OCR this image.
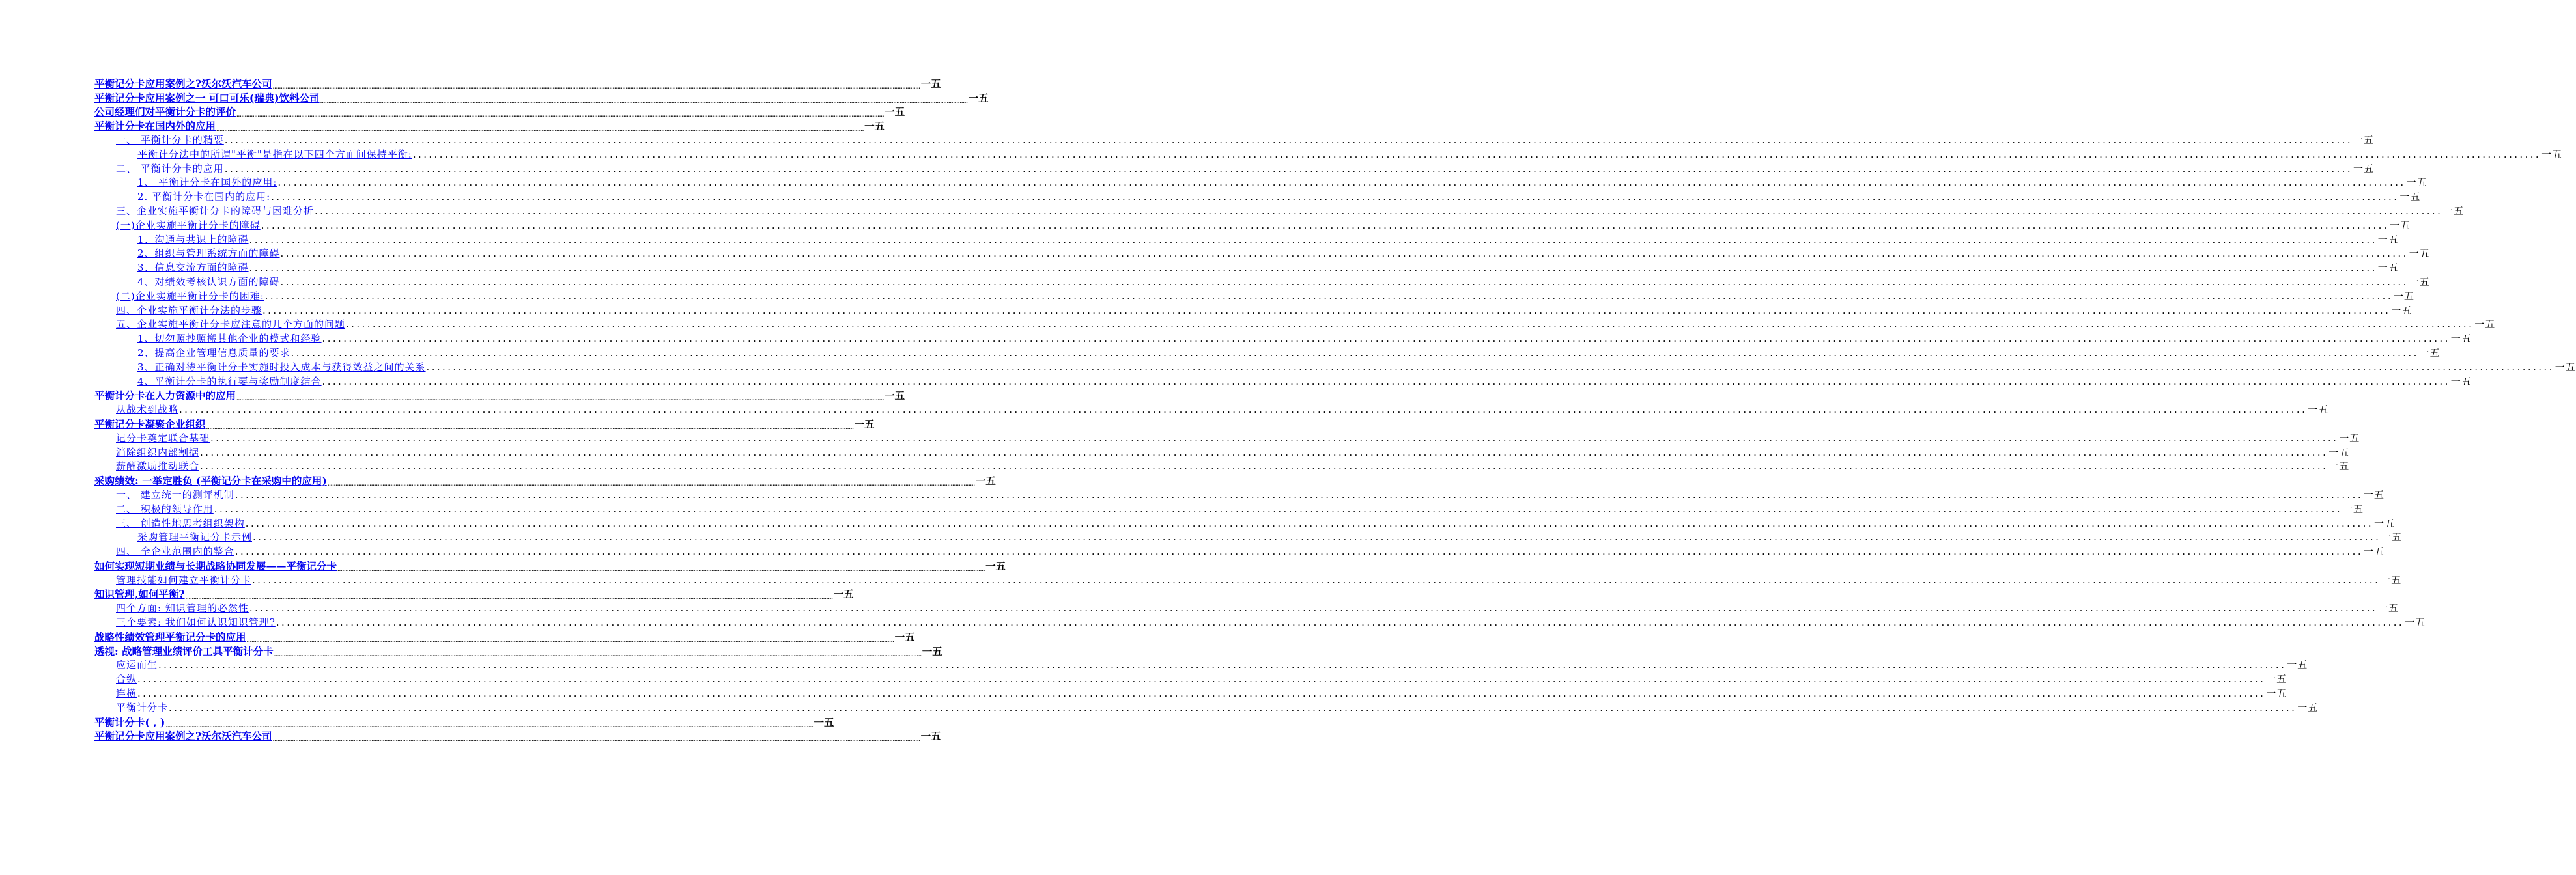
平衡记分卡应用案例之?沃尔沃汽车公司 ................................................................................................................................................................................................................................................................................................................................................................................................................ 一五
平衡记分卡应用案例之一 可口可乐(瑞典)饮料公司 ................................................................................................................................................................................................................................................................................................................................................................................................................ 一五
公司经理们对平衡计分卡的评价 ................................................................................................................................................................................................................................................................................................................................................................................................................ 一五
平衡计分卡在国内外的应用 ................................................................................................................................................................................................................................................................................................................................................................................................................ 一五
一、 平衡计分卡的精要 ................................................................................................................................................................................................................................................................................................................................................................................................................ 一五
平衡计分法中的所谓"平衡"是指在以下四个方面间保持平衡: ................................................................................................................................................................................................................................................................................................................................................................................................................ 一五
二、 平衡计分卡的应用 ................................................................................................................................................................................................................................................................................................................................................................................................................ 一五
1、 平衡计分卡在国外的应用: ................................................................................................................................................................................................................................................................................................................................................................................................................ 一五
2. 平衡计分卡在国内的应用: ................................................................................................................................................................................................................................................................................................................................................................................................................ 一五
三、企业实施平衡计分卡的障碍与困难分析 ................................................................................................................................................................................................................................................................................................................................................................................................................ 一五
(一)企业实施平衡计分卡的障碍 ................................................................................................................................................................................................................................................................................................................................................................................................................ 一五
1、沟通与共识上的障碍 ................................................................................................................................................................................................................................................................................................................................................................................................................ 一五
2、组织与管理系统方面的障碍 ................................................................................................................................................................................................................................................................................................................................................................................................................ 一五
3、信息交流方面的障碍 ................................................................................................................................................................................................................................................................................................................................................................................................................ 一五
4、对绩效考核认识方面的障碍 ................................................................................................................................................................................................................................................................................................................................................................................................................ 一五
(二)企业实施平衡计分卡的困难: ................................................................................................................................................................................................................................................................................................................................................................................................................ 一五
四、企业实施平衡计分法的步骤 ................................................................................................................................................................................................................................................................................................................................................................................................................ 一五
五、企业实施平衡计分卡应注意的几个方面的问题 ................................................................................................................................................................................................................................................................................................................................................................................................................ 一五
1、切勿照抄照搬其他企业的模式和经验 ................................................................................................................................................................................................................................................................................................................................................................................................................ 一五
2、提高企业管理信息质量的要求 ................................................................................................................................................................................................................................................................................................................................................................................................................ 一五
3、正确对待平衡计分卡实施时投入成本与获得效益之间的关系 ................................................................................................................................................................................................................................................................................................................................................................................................................ 一五
4、平衡计分卡的执行要与奖励制度结合 ................................................................................................................................................................................................................................................................................................................................................................................................................ 一五
平衡计分卡在人力资源中的应用 ................................................................................................................................................................................................................................................................................................................................................................................................................ 一五
从战术到战略 ................................................................................................................................................................................................................................................................................................................................................................................................................ 一五
平衡记分卡凝聚企业组织 ................................................................................................................................................................................................................................................................................................................................................................................................................ 一五
记分卡奠定联合基础 ................................................................................................................................................................................................................................................................................................................................................................................................................ 一五
消除组织内部割据 ................................................................................................................................................................................................................................................................................................................................................................................................................ 一五
薪酬激励推动联合 ................................................................................................................................................................................................................................................................................................................................................................................................................ 一五
采购绩效: 一举定胜负 (平衡记分卡在采购中的应用) ................................................................................................................................................................................................................................................................................................................................................................................................................ 一五
一、 建立统一的测评机制 ................................................................................................................................................................................................................................................................................................................................................................................................................ 一五
二、 积极的领导作用 ................................................................................................................................................................................................................................................................................................................................................................................................................ 一五
三、 创造性地思考组织架构 ................................................................................................................................................................................................................................................................................................................................................................................................................ 一五
采购管理平衡记分卡示例 ................................................................................................................................................................................................................................................................................................................................................................................................................ 一五
四、 全企业范围内的整合 ................................................................................................................................................................................................................................................................................................................................................................................................................ 一五
如何实现短期业绩与长期战略协同发展——平衡记分卡 ................................................................................................................................................................................................................................................................................................................................................................................................................ 一五
管理技能如何建立平衡计分卡 ................................................................................................................................................................................................................................................................................................................................................................................................................ 一五
知识管理,如何平衡? ................................................................................................................................................................................................................................................................................................................................................................................................................ 一五
四个方面: 知识管理的必然性 ................................................................................................................................................................................................................................................................................................................................................................................................................ 一五
三个要素: 我们如何认识知识管理? ................................................................................................................................................................................................................................................................................................................................................................................................................ 一五
战略性绩效管理平衡记分卡的应用 ................................................................................................................................................................................................................................................................................................................................................................................................................ 一五
透视: 战略管理业绩评价工具平衡计分卡 ................................................................................................................................................................................................................................................................................................................................................................................................................ 一五
应运而生 ................................................................................................................................................................................................................................................................................................................................................................................................................ 一五
合纵 ................................................................................................................................................................................................................................................................................................................................................................................................................ 一五
连横 ................................................................................................................................................................................................................................................................................................................................................................................................................ 一五
平衡计分卡 ................................................................................................................................................................................................................................................................................................................................................................................................................ 一五
平衡计分卡( , ) ................................................................................................................................................................................................................................................................................................................................................................................................................ 一五
平衡记分卡应用案例之?沃尔沃汽车公司 ................................................................................................................................................................................................................................................................................................................................................................................................................ 一五
